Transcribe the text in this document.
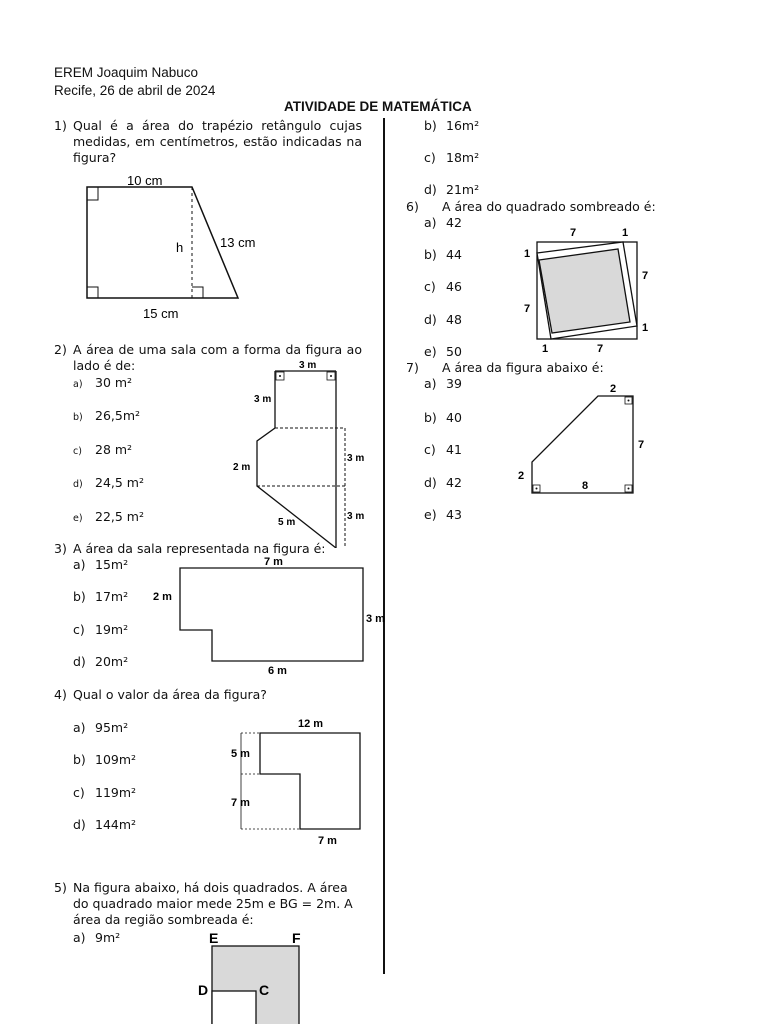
EREM Joaquim Nabuco
Recife, 26 de abril de 2024
ATIVIDADE DE MATEMÁTICA
1) Qual é a área do trapézio retângulo cujas medidas, em centímetros, estão indicadas na figura?
10 cm
h	13 cm
15 cm
b) 16m²
c) 18m²
d) 21m²
2) A área de uma sala com a forma da figura ao lado é de:
a) 30 m²
b) 26,5m²
c) 28 m²
d) 24,5 m²
e) 22,5 m²
3 m
3 m
2 m
3 m
5 m
3 m
3) A área da sala representada na figura é:
a) 15m²
b) 17m²
c) 19m²
d) 20m²
7 m
2 m
3 m
6 m
4) Qual o valor da área da figura?
a) 95m²
b) 109m²
c) 119m²
d) 144m²
12 m
5 m
7 m
7 m
5) Na figura abaixo, há dois quadrados. A área do quadrado maior mede 25m e BG = 2m. A área da região sombreada é:
a) 9m²	E	F
D	C
6) A área do quadrado sombreado é:
a) 42
b) 44
c) 46
d) 48
e) 50
7	1
1
7
7
1
1	7
7) A área da figura abaixo é:
a) 39
b) 40
c) 41
d) 42
e) 43
2
7
2
8
